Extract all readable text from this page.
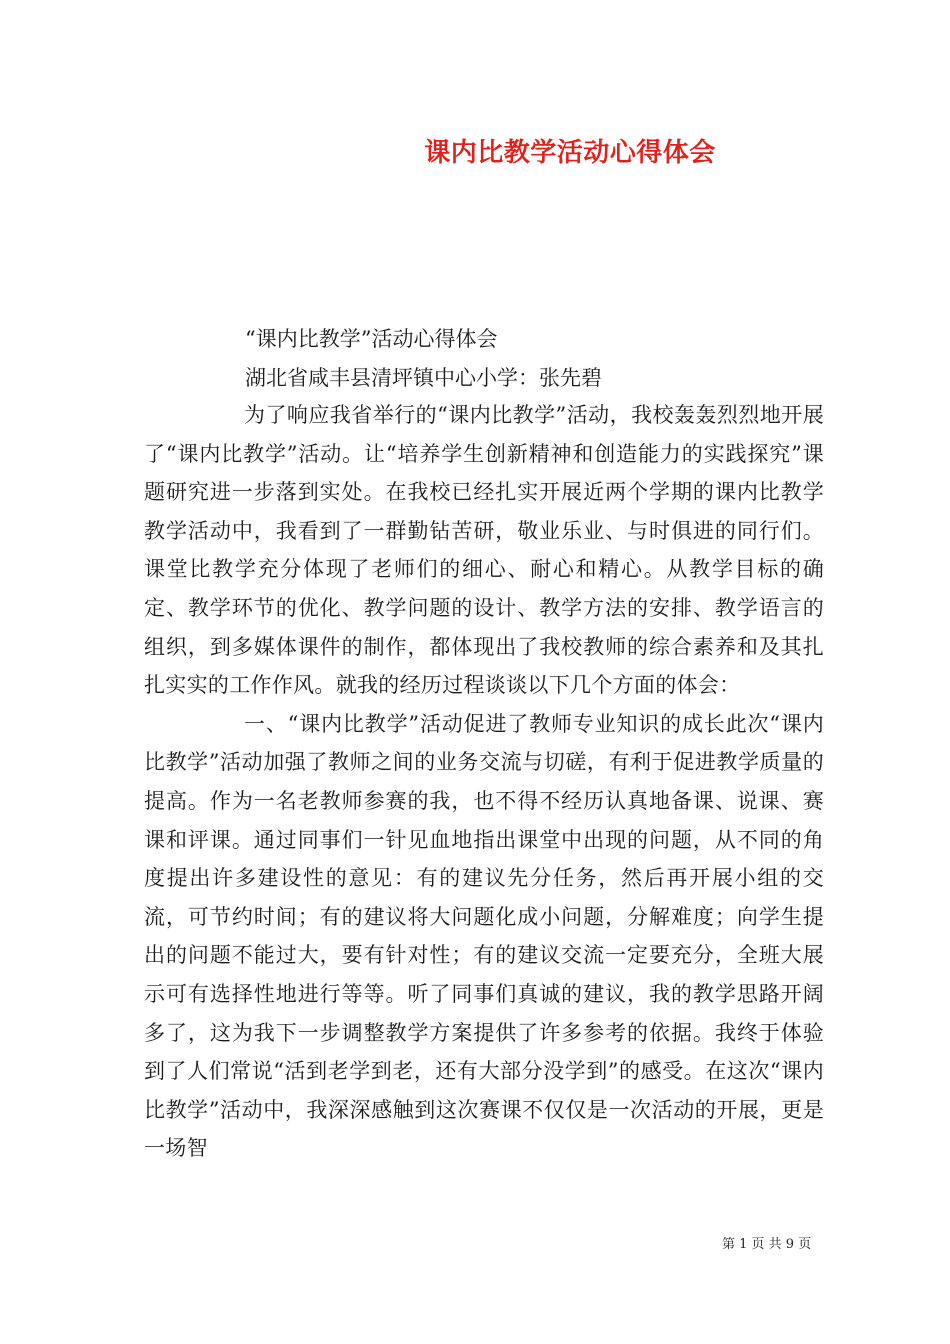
课内比教学活动心得体会
“课内比教学”活动心得体会
湖北省咸丰县清坪镇中心小学：张先碧

为了响应我省举行的“课内比教学”活动，我校轰轰烈烈地开展了“课内比教学”活动。让“培养学生创新精神和创造能力的实践探究”课题研究进一步落到实处。在我校已经扎实开展近两个学期的课内比教学教学活动中，我看到了一群勤钻苦研，敬业乐业、与时俱进的同行们。课堂比教学充分体现了老师们的细心、耐心和精心。从教学目标的确定、教学环节的优化、教学问题的设计、教学方法的安排、教学语言的组织，到多媒体课件的制作，都体现出了我校教师的综合素养和及其扎扎实实的工作作风。就我的经历过程谈谈以下几个方面的体会：

一、“课内比教学”活动促进了教师专业知识的成长此次“课内比教学”活动加强了教师之间的业务交流与切磋，有利于促进教学质量的提高。作为一名老教师参赛的我，也不得不经历认真地备课、说课、赛课和评课。通过同事们一针见血地指出课堂中出现的问题，从不同的角度提出许多建设性的意见：有的建议先分任务，然后再开展小组的交流，可节约时间；有的建议将大问题化成小问题，分解难度；向学生提出的问题不能过大，要有针对性；有的建议交流一定要充分，全班大展示可有选择性地进行等等。听了同事们真诚的建议，我的教学思路开阔多了，这为我下一步调整教学方案提供了许多参考的依据。我终于体验到了人们常说“活到老学到老，还有大部分没学到”的感受。在这次“课内比教学”活动中，我深深感触到这次赛课不仅仅是一次活动的开展，更是一场智

第 1 页 共 9 页
